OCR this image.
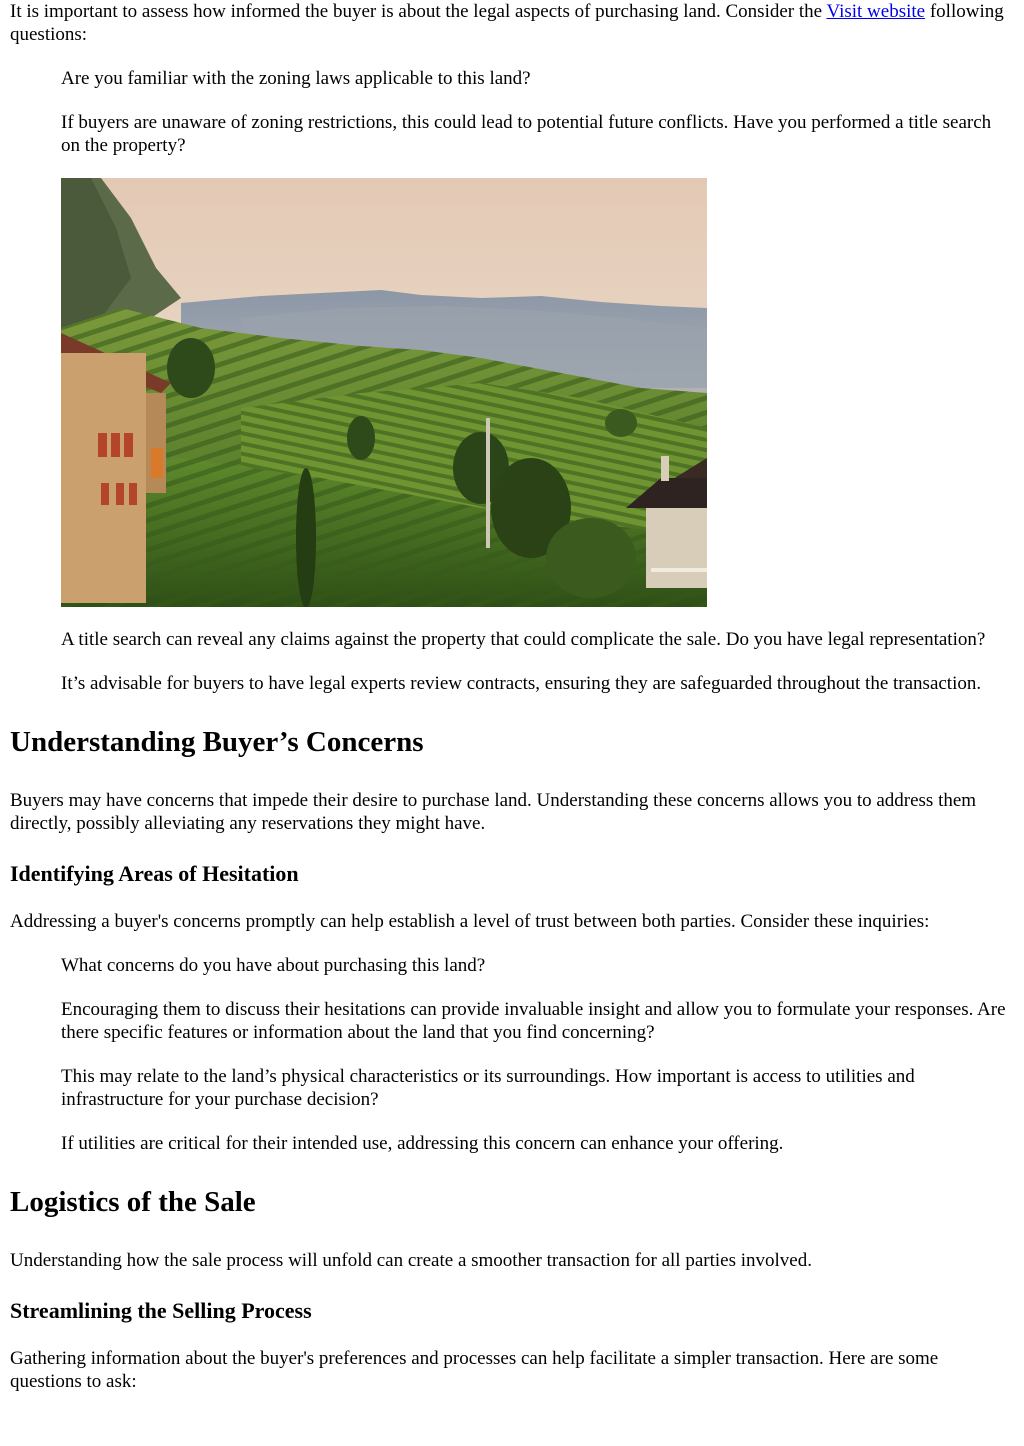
It is important to assess how informed the buyer is about the legal aspects of purchasing land. Consider the Visit website following questions:

Are you familiar with the zoning laws applicable to this land?

If buyers are unaware of zoning restrictions, this could lead to potential future conflicts. Have you performed a title search on the property?

A title search can reveal any claims against the property that could complicate the sale. Do you have legal representation?

It’s advisable for buyers to have legal experts review contracts, ensuring they are safeguarded throughout the transaction.

Understanding Buyer’s Concerns

Buyers may have concerns that impede their desire to purchase land. Understanding these concerns allows you to address them directly, possibly alleviating any reservations they might have.

Identifying Areas of Hesitation

Addressing a buyer's concerns promptly can help establish a level of trust between both parties. Consider these inquiries:

What concerns do you have about purchasing this land?

Encouraging them to discuss their hesitations can provide invaluable insight and allow you to formulate your responses. Are there specific features or information about the land that you find concerning?

This may relate to the land’s physical characteristics or its surroundings. How important is access to utilities and infrastructure for your purchase decision?

If utilities are critical for their intended use, addressing this concern can enhance your offering.

Logistics of the Sale

Understanding how the sale process will unfold can create a smoother transaction for all parties involved.

Streamlining the Selling Process

Gathering information about the buyer's preferences and processes can help facilitate a simpler transaction. Here are some questions to ask:
